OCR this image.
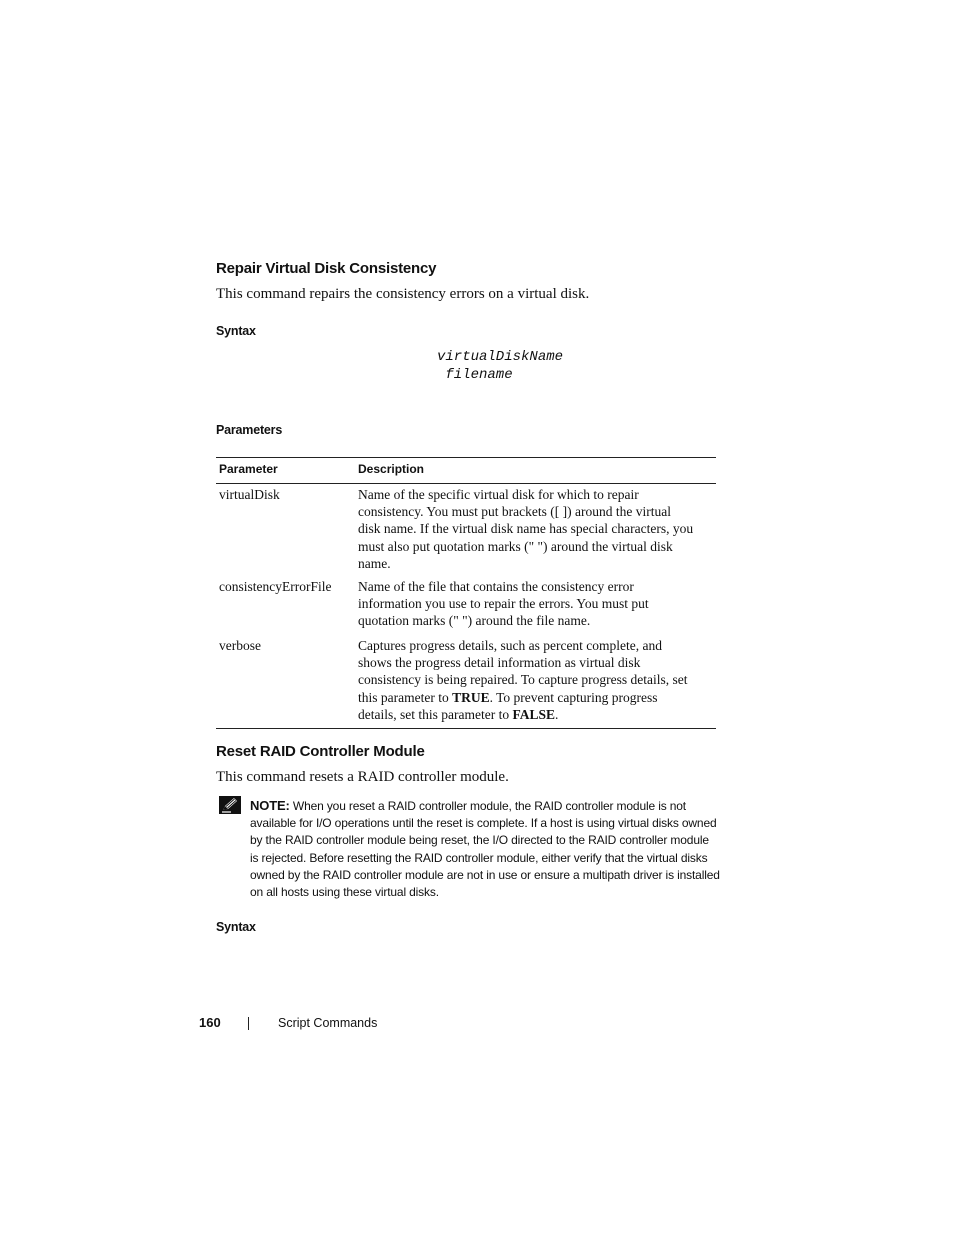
Repair Virtual Disk Consistency
This command repairs the consistency errors on a virtual disk.
Syntax
virtualDiskName
filename
Parameters
Parameter	Description
virtualDisk	Name of the specific virtual disk for which to repair
consistency. You must put brackets ([ ]) around the virtual
disk name. If the virtual disk name has special characters, you
must also put quotation marks (" ") around the virtual disk
name.
consistencyErrorFile Name of the file that contains the consistency error
information you use to repair the errors. You must put
quotation marks (" ") around the file name.
verbose	Captures progress details, such as percent complete, and
shows the progress detail information as virtual disk
consistency is being repaired. To capture progress details, set
this parameter to TRUE. To prevent capturing progress
details, set this parameter to FALSE.
Reset RAID Controller Module
This command resets a RAID controller module.
NOTE: When you reset a RAID controller module, the RAID controller module is not available for I/O operations until the reset is complete. If a host is using virtual disks owned by the RAID controller module being reset, the I/O directed to the RAID controller module is rejected. Before resetting the RAID controller module, either verify that the virtual disks owned by the RAID controller module are not in use or ensure a multipath driver is installed on all hosts using these virtual disks.
Syntax
160	Script Commands
